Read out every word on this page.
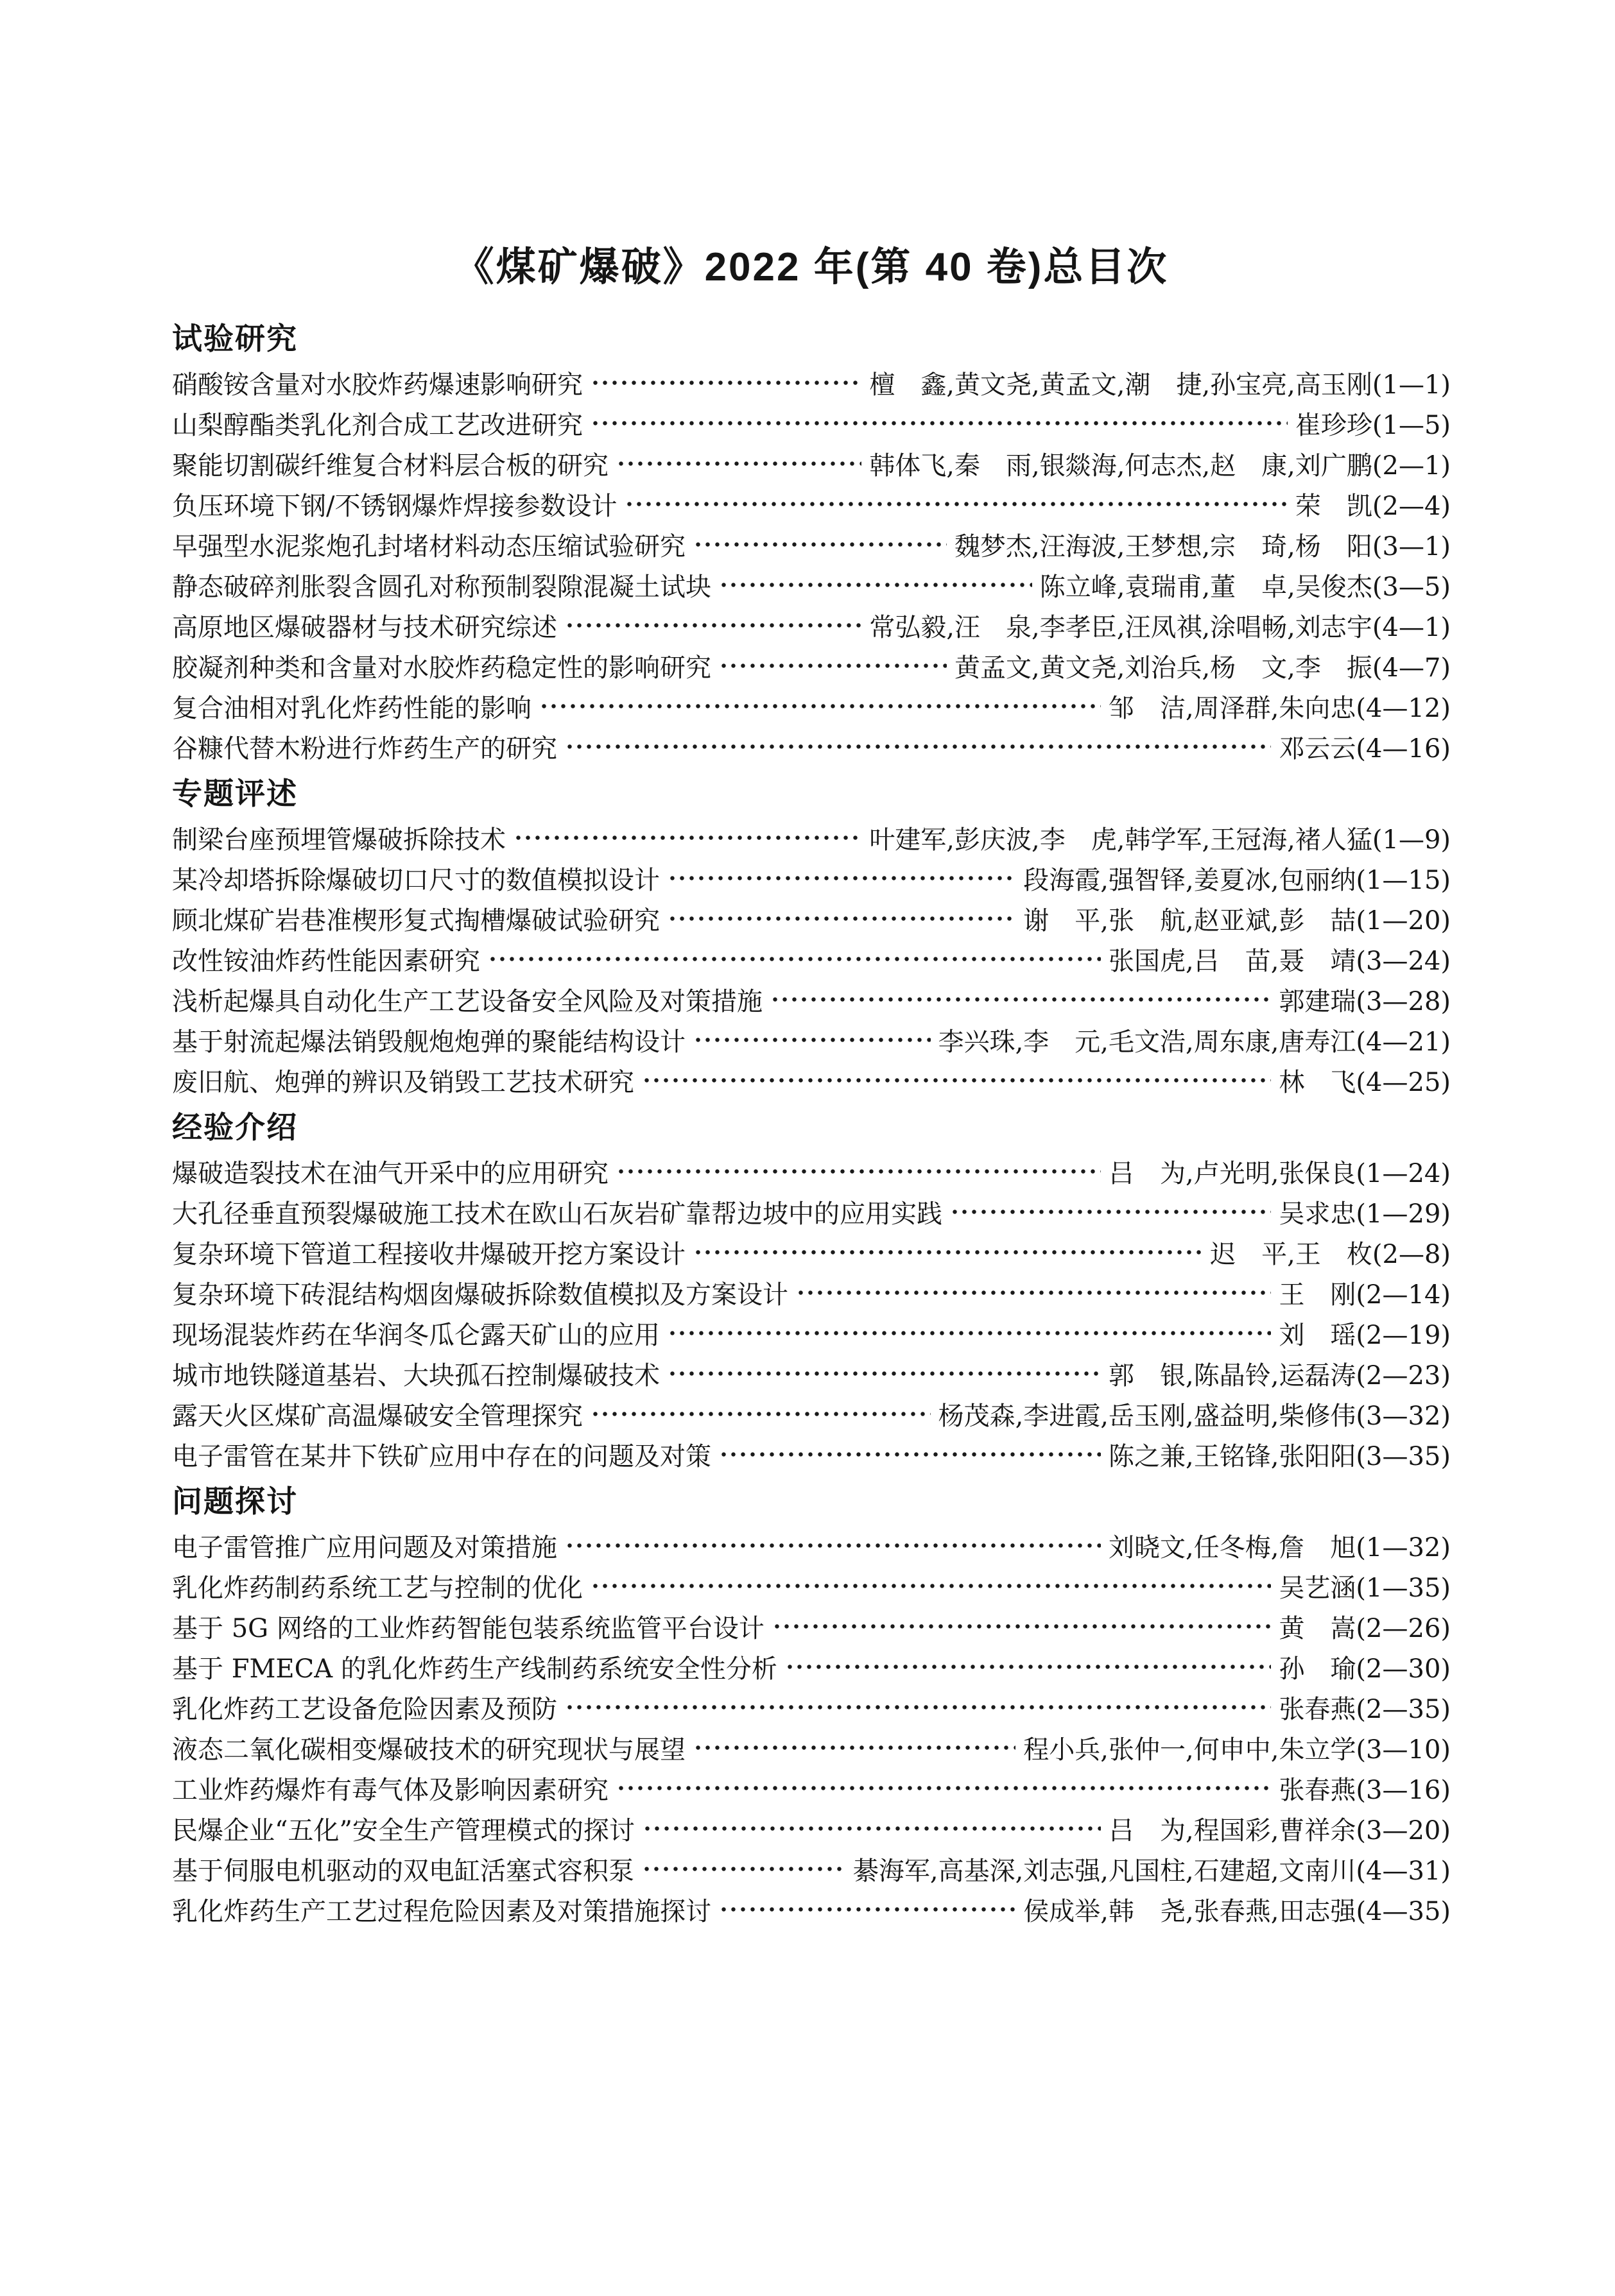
《煤矿爆破》2022 年(第 40 卷)总目次
试验研究
硝酸铵含量对水胶炸药爆速影响研究	檀　鑫,黄文尧,黄孟文,潮　捷,孙宝亮,高玉刚(1—1)
山梨醇酯类乳化剂合成工艺改进研究	崔珍珍(1—5)
聚能切割碳纤维复合材料层合板的研究	韩体飞,秦　雨,银燚海,何志杰,赵　康,刘广鹏(2—1)
负压环境下钢/不锈钢爆炸焊接参数设计	荣　凯(2—4)
早强型水泥浆炮孔封堵材料动态压缩试验研究	魏梦杰,汪海波,王梦想,宗　琦,杨　阳(3—1)
静态破碎剂胀裂含圆孔对称预制裂隙混凝土试块	陈立峰,袁瑞甫,董　卓,吴俊杰(3—5)
高原地区爆破器材与技术研究综述	常弘毅,汪　泉,李孝臣,汪凤祺,涂唱畅,刘志宇(4—1)
胶凝剂种类和含量对水胶炸药稳定性的影响研究	黄孟文,黄文尧,刘治兵,杨　文,李　振(4—7)
复合油相对乳化炸药性能的影响	邹　洁,周泽群,朱向忠(4—12)
谷糠代替木粉进行炸药生产的研究	邓云云(4—16)
专题评述
制梁台座预埋管爆破拆除技术	叶建军,彭庆波,李　虎,韩学军,王冠海,褚人猛(1—9)
某冷却塔拆除爆破切口尺寸的数值模拟设计	段海霞,强智铎,姜夏冰,包丽纳(1—15)
顾北煤矿岩巷准楔形复式掏槽爆破试验研究	谢　平,张　航,赵亚斌,彭　喆(1—20)
改性铵油炸药性能因素研究	张国虎,吕　苗,聂　靖(3—24)
浅析起爆具自动化生产工艺设备安全风险及对策措施	郭建瑞(3—28)
基于射流起爆法销毁舰炮炮弹的聚能结构设计	李兴珠,李　元,毛文浩,周东康,唐寿江(4—21)
废旧航、炮弹的辨识及销毁工艺技术研究	林　飞(4—25)
经验介绍
爆破造裂技术在油气开采中的应用研究	吕　为,卢光明,张保良(1—24)
大孔径垂直预裂爆破施工技术在欧山石灰岩矿靠帮边坡中的应用实践	吴求忠(1—29)
复杂环境下管道工程接收井爆破开挖方案设计	迟　平,王　枚(2—8)
复杂环境下砖混结构烟囱爆破拆除数值模拟及方案设计	王　刚(2—14)
现场混装炸药在华润冬瓜仑露天矿山的应用	刘　瑶(2—19)
城市地铁隧道基岩、大块孤石控制爆破技术	郭　银,陈晶铃,运磊涛(2—23)
露天火区煤矿高温爆破安全管理探究	杨茂森,李进霞,岳玉刚,盛益明,柴修伟(3—32)
电子雷管在某井下铁矿应用中存在的问题及对策	陈之兼,王铭锋,张阳阳(3—35)
问题探讨
电子雷管推广应用问题及对策措施	刘晓文,任冬梅,詹　旭(1—32)
乳化炸药制药系统工艺与控制的优化	吴艺涵(1—35)
基于 5G 网络的工业炸药智能包装系统监管平台设计	黄　嵩(2—26)
基于 FMECA 的乳化炸药生产线制药系统安全性分析	孙　瑜(2—30)
乳化炸药工艺设备危险因素及预防	张春燕(2—35)
液态二氧化碳相变爆破技术的研究现状与展望	程小兵,张仲一,何申中,朱立学(3—10)
工业炸药爆炸有毒气体及影响因素研究	张春燕(3—16)
民爆企业“五化”安全生产管理模式的探讨	吕　为,程国彩,曹祥余(3—20)
基于伺服电机驱动的双电缸活塞式容积泵	綦海军,高基深,刘志强,凡国柱,石建超,文南川(4—31)
乳化炸药生产工艺过程危险因素及对策措施探讨	侯成举,韩　尧,张春燕,田志强(4—35)
